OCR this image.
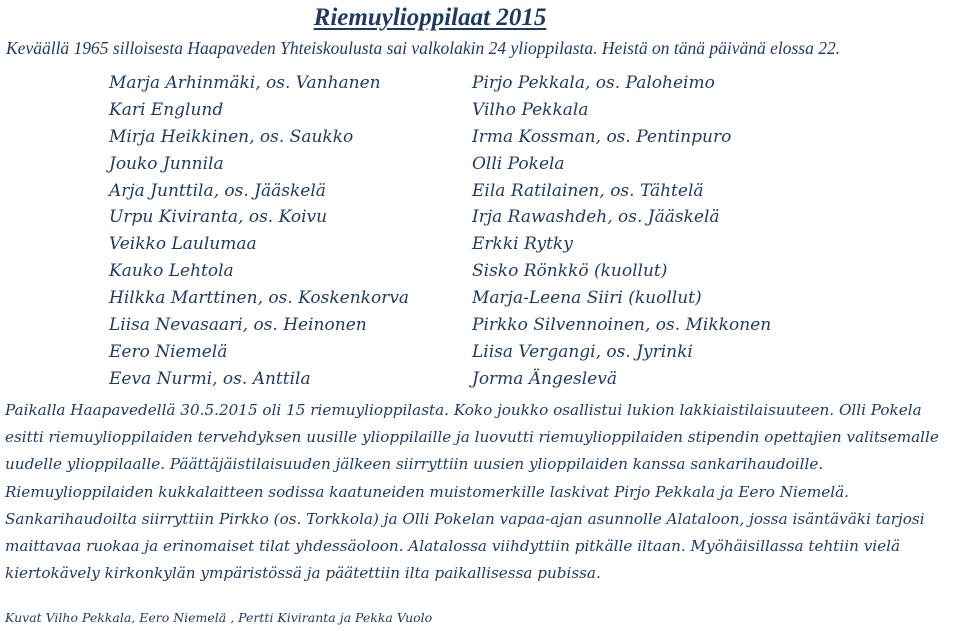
Riemuylioppilaat 2015
Keväällä 1965 silloisesta Haapaveden Yhteiskoulusta sai valkolakin 24 ylioppilasta. Heistä on tänä päivänä elossa 22.
Marja Arhinmäki, os. Vanhanen
Kari Englund
Mirja Heikkinen, os. Saukko
Jouko Junnila
Arja Junttila, os. Jääskelä
Urpu Kiviranta, os. Koivu
Veikko Laulumaa
Kauko Lehtola
Hilkka Marttinen, os. Koskenkorva
Liisa Nevasaari, os. Heinonen
Eero Niemelä
Eeva Nurmi, os. Anttila
Pirjo Pekkala, os. Paloheimo
Vilho Pekkala
Irma Kossman, os. Pentinpuro
Olli Pokela
Eila Ratilainen, os. Tähtelä
Irja Rawashdeh, os. Jääskelä
Erkki Rytky
Sisko Rönkkö (kuollut)
Marja-Leena Siiri (kuollut)
Pirkko Silvennoinen, os. Mikkonen
Liisa Vergangi, os. Jyrinki
Jorma Ängeslevä

Paikalla Haapavedellä 30.5.2015 oli 15 riemuylioppilasta. Koko joukko osallistui lukion lakkiaistilaisuuteen. Olli Pokela esitti riemuylioppilaiden tervehdyksen uusille ylioppilaille ja luovutti riemuylioppilaiden stipendin opettajien valitsemalle uudelle ylioppilaalle. Päättäjäistilaisuuden jälkeen siirryttiin uusien ylioppilaiden kanssa sankarihaudoille. Riemuylioppilaiden kukkalaitteen sodissa kaatuneiden muistomerkille laskivat Pirjo Pekkala ja Eero Niemelä. Sankarihaudoilta siirryttiin Pirkko (os. Torkkola) ja Olli Pokelan vapaa-ajan asunnolle Alataloon, jossa isäntäväki tarjosi maittavaa ruokaa ja erinomaiset tilat yhdessäoloon. Alatalossa viihdyttiin pitkälle iltaan. Myöhäisillassa tehtiin vielä kiertokävely kirkonkylän ympäristössä ja päätettiin ilta paikallisessa pubissa.

Kuvat Vilho Pekkala, Eero Niemelä , Pertti Kiviranta ja Pekka Vuolo
